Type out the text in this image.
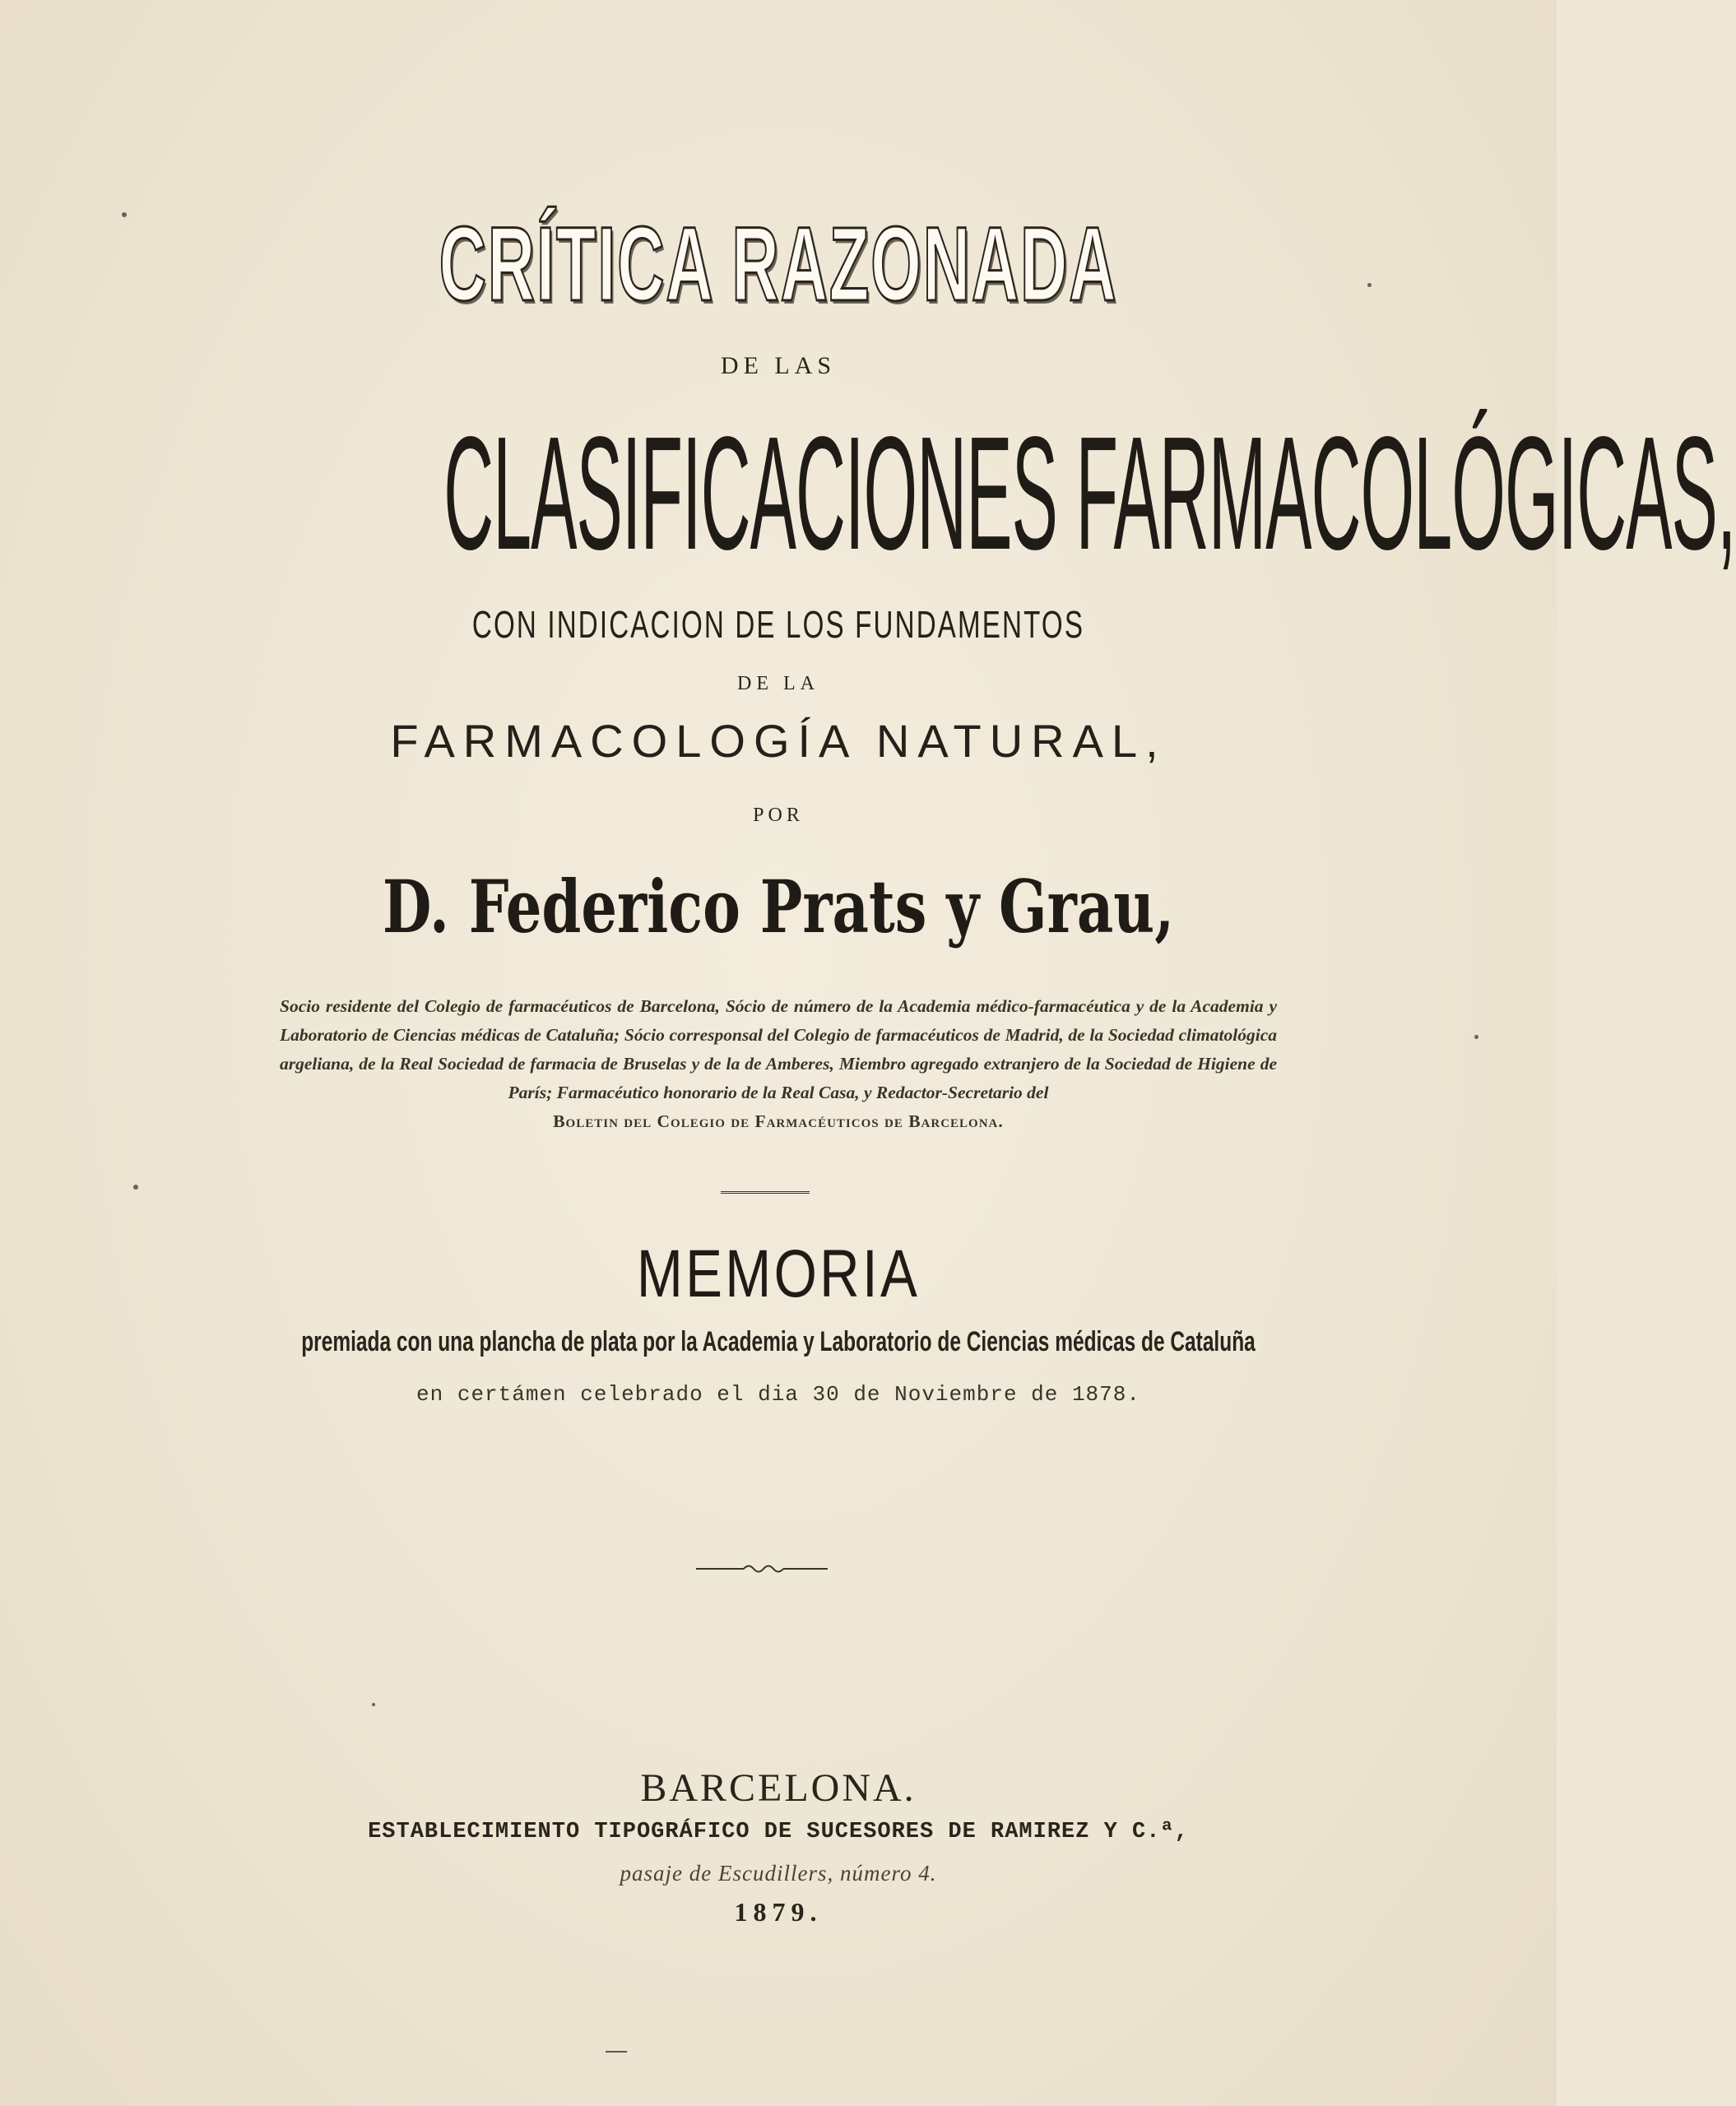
CRÍTICA RAZONADA
DE LAS
CLASIFICACIONES FARMACOLÓGICAS,
CON INDICACION DE LOS FUNDAMENTOS
DE LA
FARMACOLOGÍA NATURAL,
POR
D. Federico Prats y Grau,
Socio residente del Colegio de farmacéuticos de Barcelona, Sócio de número de la Academia médico-farmacéutica y de la Academia y Laboratorio de Ciencias médicas de Cataluña; Sócio corresponsal del Colegio de farmacéuticos de Madrid, de la Sociedad climatológica argeliana, de la Real Sociedad de farmacia de Bruselas y de la de Amberes, Miembro agregado extranjero de la Sociedad de Higiene de París; Farmacéutico honorario de la Real Casa, y Redactor-Secretario del
Boletin del Colegio de Farmacéuticos de Barcelona.
MEMORIA
premiada con una plancha de plata por la Academia y Laboratorio de Ciencias médicas de Cataluña
en certámen celebrado el dia 30 de Noviembre de 1878.
BARCELONA.
ESTABLECIMIENTO TIPOGRÁFICO DE SUCESORES DE RAMIREZ Y C.ª,
pasaje de Escudillers, número 4.
1879.
